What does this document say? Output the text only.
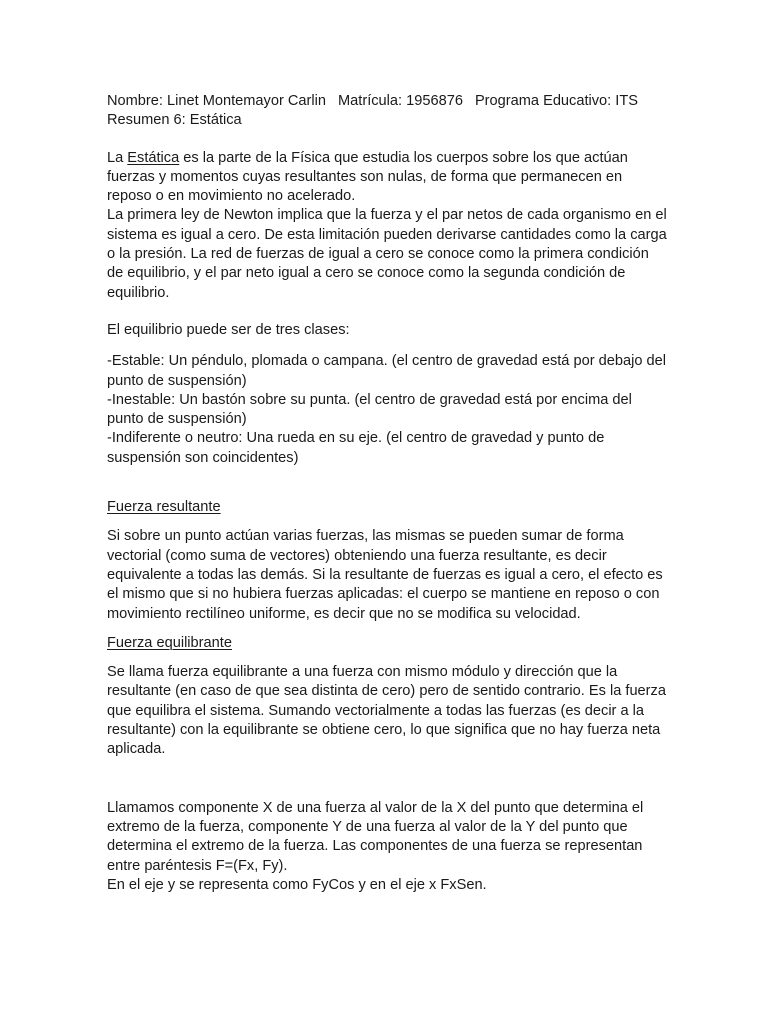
Nombre: Linet Montemayor Carlin Matrícula: 1956876 Programa Educativo: ITS

Resumen 6: Estática

La Estática es la parte de la Física que estudia los cuerpos sobre los que actúan fuerzas y momentos cuyas resultantes son nulas, de forma que permanecen en reposo o en movimiento no acelerado.

La primera ley de Newton implica que la fuerza y el par netos de cada organismo en el sistema es igual a cero. De esta limitación pueden derivarse cantidades como la carga o la presión. La red de fuerzas de igual a cero se conoce como la primera condición de equilibrio, y el par neto igual a cero se conoce como la segunda condición de equilibrio.

El equilibrio puede ser de tres clases:

-Estable: Un péndulo, plomada o campana. (el centro de gravedad está por debajo del punto de suspensión)

-Inestable: Un bastón sobre su punta. (el centro de gravedad está por encima del punto de suspensión)

-Indiferente o neutro: Una rueda en su eje. (el centro de gravedad y punto de suspensión son coincidentes)

Fuerza resultante

Si sobre un punto actúan varias fuerzas, las mismas se pueden sumar de forma vectorial (como suma de vectores) obteniendo una fuerza resultante, es decir equivalente a todas las demás. Si la resultante de fuerzas es igual a cero, el efecto es el mismo que si no hubiera fuerzas aplicadas: el cuerpo se mantiene en reposo o con movimiento rectilíneo uniforme, es decir que no se modifica su velocidad.

Fuerza equilibrante

Se llama fuerza equilibrante a una fuerza con mismo módulo y dirección que la resultante (en caso de que sea distinta de cero) pero de sentido contrario. Es la fuerza que equilibra el sistema. Sumando vectorialmente a todas las fuerzas (es decir a la resultante) con la equilibrante se obtiene cero, lo que significa que no hay fuerza neta aplicada.

Llamamos componente X de una fuerza al valor de la X del punto que determina el extremo de la fuerza, componente Y de una fuerza al valor de la Y del punto que determina el extremo de la fuerza. Las componentes de una fuerza se representan entre paréntesis F=(Fx, Fy).

En el eje y se representa como FyCos y en el eje x FxSen.
